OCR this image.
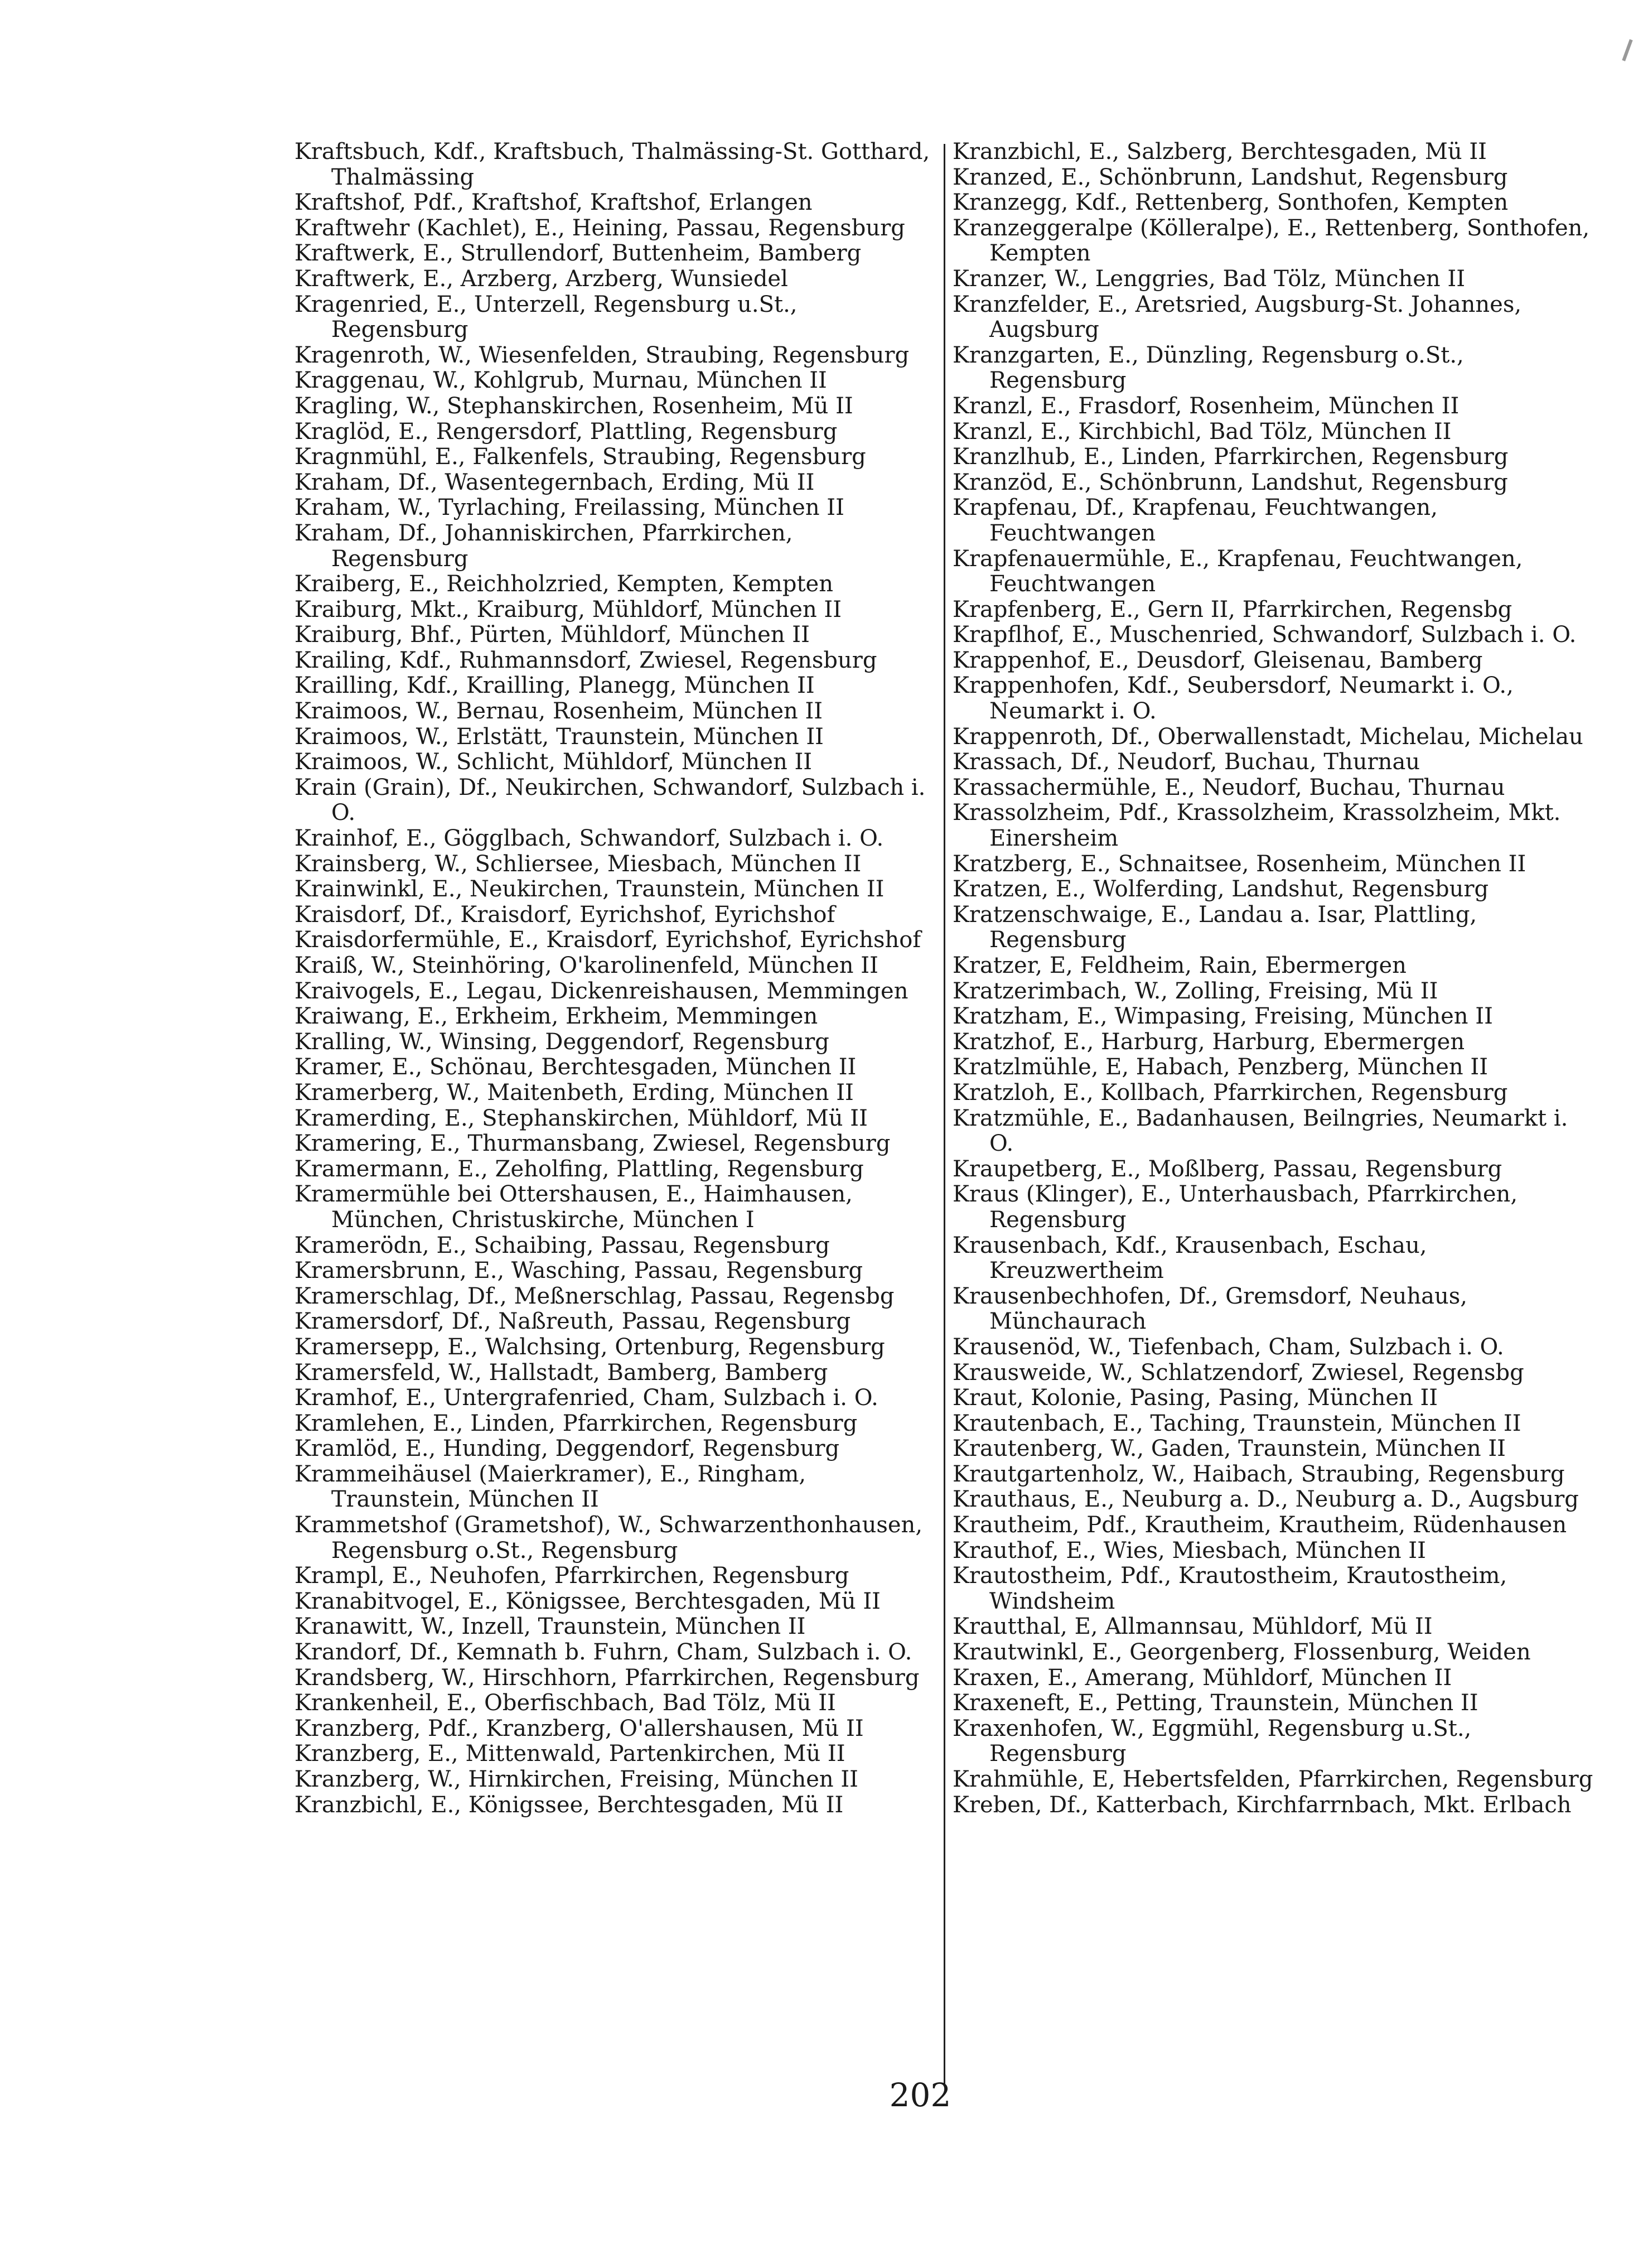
Kraftsbuch, Kdf., Kraftsbuch, Thalmässing-St. Gotthard, Thalmässing
Kraftshof, Pdf., Kraftshof, Kraftshof, Erlangen
Kraftwehr (Kachlet), E., Heining, Passau, Regensburg
Kraftwerk, E., Strullendorf, Buttenheim, Bamberg
Kraftwerk, E., Arzberg, Arzberg, Wunsiedel
Kragenried, E., Unterzell, Regensburg u.St., Regensburg
Kragenroth, W., Wiesenfelden, Straubing, Regensburg
Kraggenau, W., Kohlgrub, Murnau, München II
Kragling, W., Stephanskirchen, Rosenheim, Mü II
Kraglöd, E., Rengersdorf, Plattling, Regensburg
Kragnmühl, E., Falkenfels, Straubing, Regensburg
Kraham, Df., Wasentegernbach, Erding, Mü II
Kraham, W., Tyrlaching, Freilassing, München II
Kraham, Df., Johanniskirchen, Pfarrkirchen, Regensburg
Kraiberg, E., Reichholzried, Kempten, Kempten
Kraiburg, Mkt., Kraiburg, Mühldorf, München II
Kraiburg, Bhf., Pürten, Mühldorf, München II
Krailing, Kdf., Ruhmannsdorf, Zwiesel, Regensburg
Krailling, Kdf., Krailling, Planegg, München II
Kraimoos, W., Bernau, Rosenheim, München II
Kraimoos, W., Erlstätt, Traunstein, München II
Kraimoos, W., Schlicht, Mühldorf, München II
Krain (Grain), Df., Neukirchen, Schwandorf, Sulzbach i. O.
Krainhof, E., Gögglbach, Schwandorf, Sulzbach i. O.
Krainsberg, W., Schliersee, Miesbach, München II
Krainwinkl, E., Neukirchen, Traunstein, München II
Kraisdorf, Df., Kraisdorf, Eyrichshof, Eyrichshof
Kraisdorfermühle, E., Kraisdorf, Eyrichshof, Eyrichshof
Kraiß, W., Steinhöring, O'karolinenfeld, München II
Kraivogels, E., Legau, Dickenreishausen, Memmingen
Kraiwang, E., Erkheim, Erkheim, Memmingen
Kralling, W., Winsing, Deggendorf, Regensburg
Kramer, E., Schönau, Berchtesgaden, München II
Kramerberg, W., Maitenbeth, Erding, München II
Kramerding, E., Stephanskirchen, Mühldorf, Mü II
Kramering, E., Thurmansbang, Zwiesel, Regensburg
Kramermann, E., Zeholfing, Plattling, Regensburg
Kramermühle bei Ottershausen, E., Haimhausen, München, Christuskirche, München I
Kramerödn, E., Schaibing, Passau, Regensburg
Kramersbrunn, E., Wasching, Passau, Regensburg
Kramerschlag, Df., Meßnerschlag, Passau, Regensbg
Kramersdorf, Df., Naßreuth, Passau, Regensburg
Kramersepp, E., Walchsing, Ortenburg, Regensburg
Kramersfeld, W., Hallstadt, Bamberg, Bamberg
Kramhof, E., Untergrafenried, Cham, Sulzbach i. O.
Kramlehen, E., Linden, Pfarrkirchen, Regensburg
Kramlöd, E., Hunding, Deggendorf, Regensburg
Krammeihäusel (Maierkramer), E., Ringham, Traunstein, München II
Krammetshof (Grametshof), W., Schwarzenthonhausen, Regensburg o.St., Regensburg
Krampl, E., Neuhofen, Pfarrkirchen, Regensburg
Kranabitvogel, E., Königssee, Berchtesgaden, Mü II
Kranawitt, W., Inzell, Traunstein, München II
Krandorf, Df., Kemnath b. Fuhrn, Cham, Sulzbach i. O.
Krandsberg, W., Hirschhorn, Pfarrkirchen, Regensburg
Krankenheil, E., Oberfischbach, Bad Tölz, Mü II
Kranzberg, Pdf., Kranzberg, O'allershausen, Mü II
Kranzberg, E., Mittenwald, Partenkirchen, Mü II
Kranzberg, W., Hirnkirchen, Freising, München II
Kranzbichl, E., Königssee, Berchtesgaden, Mü II
Kranzbichl, E., Salzberg, Berchtesgaden, Mü II
Kranzed, E., Schönbrunn, Landshut, Regensburg
Kranzegg, Kdf., Rettenberg, Sonthofen, Kempten
Kranzeggeralpe (Kölleralpe), E., Rettenberg, Sonthofen, Kempten
Kranzer, W., Lenggries, Bad Tölz, München II
Kranzfelder, E., Aretsried, Augsburg-St. Johannes, Augsburg
Kranzgarten, E., Dünzling, Regensburg o.St., Regensburg
Kranzl, E., Frasdorf, Rosenheim, München II
Kranzl, E., Kirchbichl, Bad Tölz, München II
Kranzlhub, E., Linden, Pfarrkirchen, Regensburg
Kranzöd, E., Schönbrunn, Landshut, Regensburg
Krapfenau, Df., Krapfenau, Feuchtwangen, Feuchtwangen
Krapfenauermühle, E., Krapfenau, Feuchtwangen, Feuchtwangen
Krapfenberg, E., Gern II, Pfarrkirchen, Regensbg
Krapflhof, E., Muschenried, Schwandorf, Sulzbach i. O.
Krappenhof, E., Deusdorf, Gleisenau, Bamberg
Krappenhofen, Kdf., Seubersdorf, Neumarkt i. O., Neumarkt i. O.
Krappenroth, Df., Oberwallenstadt, Michelau, Michelau
Krassach, Df., Neudorf, Buchau, Thurnau
Krassachermühle, E., Neudorf, Buchau, Thurnau
Krassolzheim, Pdf., Krassolzheim, Krassolzheim, Mkt. Einersheim
Kratzberg, E., Schnaitsee, Rosenheim, München II
Kratzen, E., Wolferding, Landshut, Regensburg
Kratzenschwaige, E., Landau a. Isar, Plattling, Regensburg
Kratzer, E, Feldheim, Rain, Ebermergen
Kratzerimbach, W., Zolling, Freising, Mü II
Kratzham, E., Wimpasing, Freising, München II
Kratzhof, E., Harburg, Harburg, Ebermergen
Kratzlmühle, E, Habach, Penzberg, München II
Kratzloh, E., Kollbach, Pfarrkirchen, Regensburg
Kratzmühle, E., Badanhausen, Beilngries, Neumarkt i. O.
Kraupetberg, E., Moßlberg, Passau, Regensburg
Kraus (Klinger), E., Unterhausbach, Pfarrkirchen, Regensburg
Krausenbach, Kdf., Krausenbach, Eschau, Kreuzwertheim
Krausenbechhofen, Df., Gremsdorf, Neuhaus, Münchaurach
Krausenöd, W., Tiefenbach, Cham, Sulzbach i. O.
Krausweide, W., Schlatzendorf, Zwiesel, Regensbg
Kraut, Kolonie, Pasing, Pasing, München II
Krautenbach, E., Taching, Traunstein, München II
Krautenberg, W., Gaden, Traunstein, München II
Krautgartenholz, W., Haibach, Straubing, Regensburg
Krauthaus, E., Neuburg a. D., Neuburg a. D., Augsburg
Krautheim, Pdf., Krautheim, Krautheim, Rüdenhausen
Krauthof, E., Wies, Miesbach, München II
Krautostheim, Pdf., Krautostheim, Krautostheim, Windsheim
Krautthal, E, Allmannsau, Mühldorf, Mü II
Krautwinkl, E., Georgenberg, Flossenburg, Weiden
Kraxen, E., Amerang, Mühldorf, München II
Kraxeneft, E., Petting, Traunstein, München II
Kraxenhofen, W., Eggmühl, Regensburg u.St., Regensburg
Krahmühle, E, Hebertsfelden, Pfarrkirchen, Regensburg
Kreben, Df., Katterbach, Kirchfarrnbach, Mkt. Erlbach
202
